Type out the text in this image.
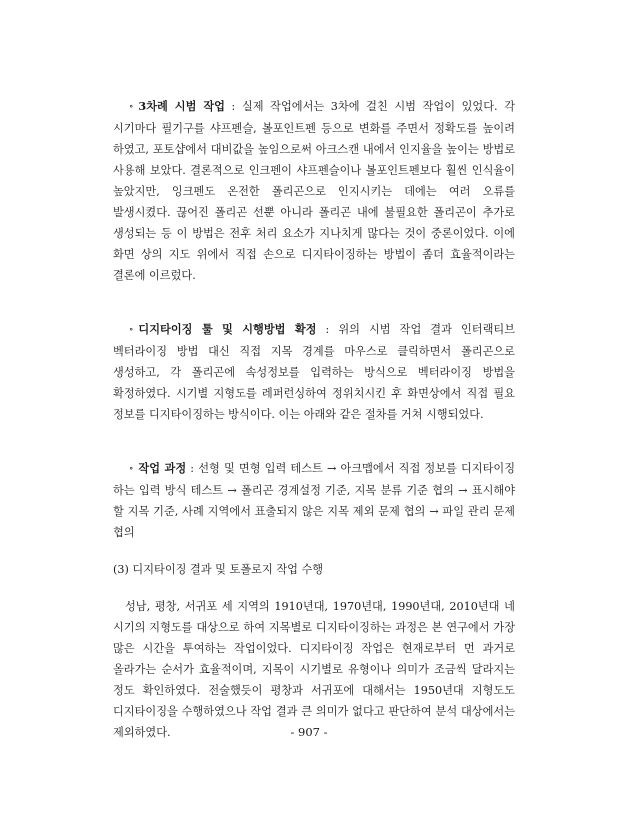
∘ 3차례 시범 작업 : 실제 작업에서는 3차에 걸친 시범 작업이 있었다. 각 시기마다 필기구를 샤프펜슬, 볼포인트펜 등으로 변화를 주면서 정확도를 높이려 하였고, 포토샵에서 대비값을 높임으로써 아크스캔 내에서 인지율을 높이는 방법로 사용해 보았다. 결론적으로 인크펜이 샤프펜슬이나 볼포인트펜보다 훨씬 인식율이 높았지만, 잉크펜도 온전한 폴리곤으로 인지시키는 데에는 여러 오류를 발생시켰다. 끊어진 폴리곤 선뿐 아니라 폴리곤 내에 불필요한 폴리곤이 추가로 생성되는 등 이 방법은 전후 처리 요소가 지나치게 많다는 것이 중론이었다. 이에 화면 상의 지도 위에서 직접 손으로 디지타이징하는 방법이 좀더 효율적이라는 결론에 이르렀다.

∘ 디지타이징 툴 및 시행방법 확정 : 위의 시범 작업 결과 인터랙티브 벡터라이징 방법 대신 직접 지목 경계를 마우스로 클릭하면서 폴리곤으로 생성하고, 각 폴리곤에 속성정보를 입력하는 방식으로 벡터라이징 방법을 확정하였다. 시기별 지형도를 레퍼런싱하여 정위치시킨 후 화면상에서 직접 필요 정보를 디지타이징하는 방식이다. 이는 아래와 같은 절차를 거쳐 시행되었다.

∘ 작업 과정 : 선형 및 면형 입력 테스트 → 아크맵에서 직접 정보를 디지타이징 하는 입력 방식 테스트 → 폴리곤 경계설정 기준, 지목 분류 기준 협의 → 표시해야 할 지목 기준, 사례 지역에서 표출되지 않은 지목 제외 문제 협의 → 파일 관리 문제 협의

(3) 디지타이징 결과 및 토폴로지 작업 수행

성남, 평창, 서귀포 세 지역의 1910년대, 1970년대, 1990년대, 2010년대 네 시기의 지형도를 대상으로 하여 지목별로 디지타이징하는 과정은 본 연구에서 가장 많은 시간을 투여하는 작업이었다. 디지타이징 작업은 현재로부터 먼 과거로 올라가는 순서가 효율적이며, 지목이 시기별로 유형이나 의미가 조금씩 달라지는 정도 확인하였다. 전술했듯이 평창과 서귀포에 대해서는 1950년대 지형도도 디지타이징을 수행하였으나 작업 결과 큰 의미가 없다고 판단하여 분석 대상에서는 제외하였다.	- 907 -
